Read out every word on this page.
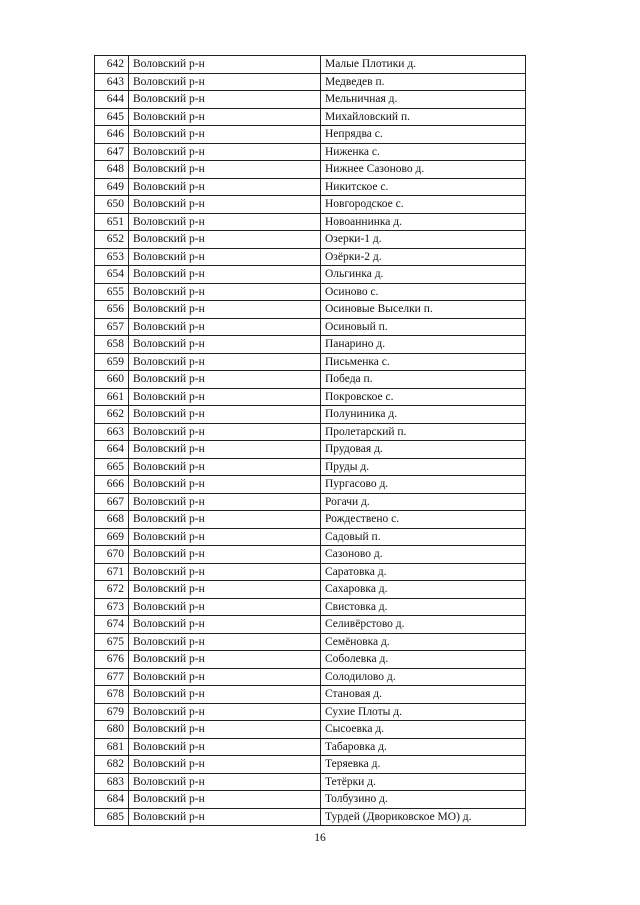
642	Воловский р-н	Малые Плотики д.
643	Воловский р-н	Медведев п.
644	Воловский р-н	Мельничная д.
645	Воловский р-н	Михайловский п.
646	Воловский р-н	Непрядва с.
647	Воловский р-н	Ниженка с.
648	Воловский р-н	Нижнее Сазоново д.
649	Воловский р-н	Никитское с.
650	Воловский р-н	Новгородское с.
651	Воловский р-н	Новоаннинка д.
652	Воловский р-н	Озерки-1 д.
653	Воловский р-н	Озёрки-2 д.
654	Воловский р-н	Ольгинка д.
655	Воловский р-н	Осиново с.
656	Воловский р-н	Осиновые Выселки п.
657	Воловский р-н	Осиновый п.
658	Воловский р-н	Панарино д.
659	Воловский р-н	Письменка с.
660	Воловский р-н	Победа п.
661	Воловский р-н	Покровское с.
662	Воловский р-н	Полуниника д.
663	Воловский р-н	Пролетарский п.
664	Воловский р-н	Прудовая д.
665	Воловский р-н	Пруды д.
666	Воловский р-н	Пургасово д.
667	Воловский р-н	Рогачи д.
668	Воловский р-н	Рождествено с.
669	Воловский р-н	Садовый п.
670	Воловский р-н	Сазоново д.
671	Воловский р-н	Саратовка д.
672	Воловский р-н	Сахаровка д.
673	Воловский р-н	Свистовка д.
674	Воловский р-н	Селивёрстово д.
675	Воловский р-н	Семёновка д.
676	Воловский р-н	Соболевка д.
677	Воловский р-н	Солодилово д.
678	Воловский р-н	Становая д.
679	Воловский р-н	Сухие Плоты д.
680	Воловский р-н	Сысоевка д.
681	Воловский р-н	Табаровка д.
682	Воловский р-н	Теряевка д.
683	Воловский р-н	Тетёрки д.
684	Воловский р-н	Толбузино д.
685	Воловский р-н	Турдей (Двориковское МО) д.
16
